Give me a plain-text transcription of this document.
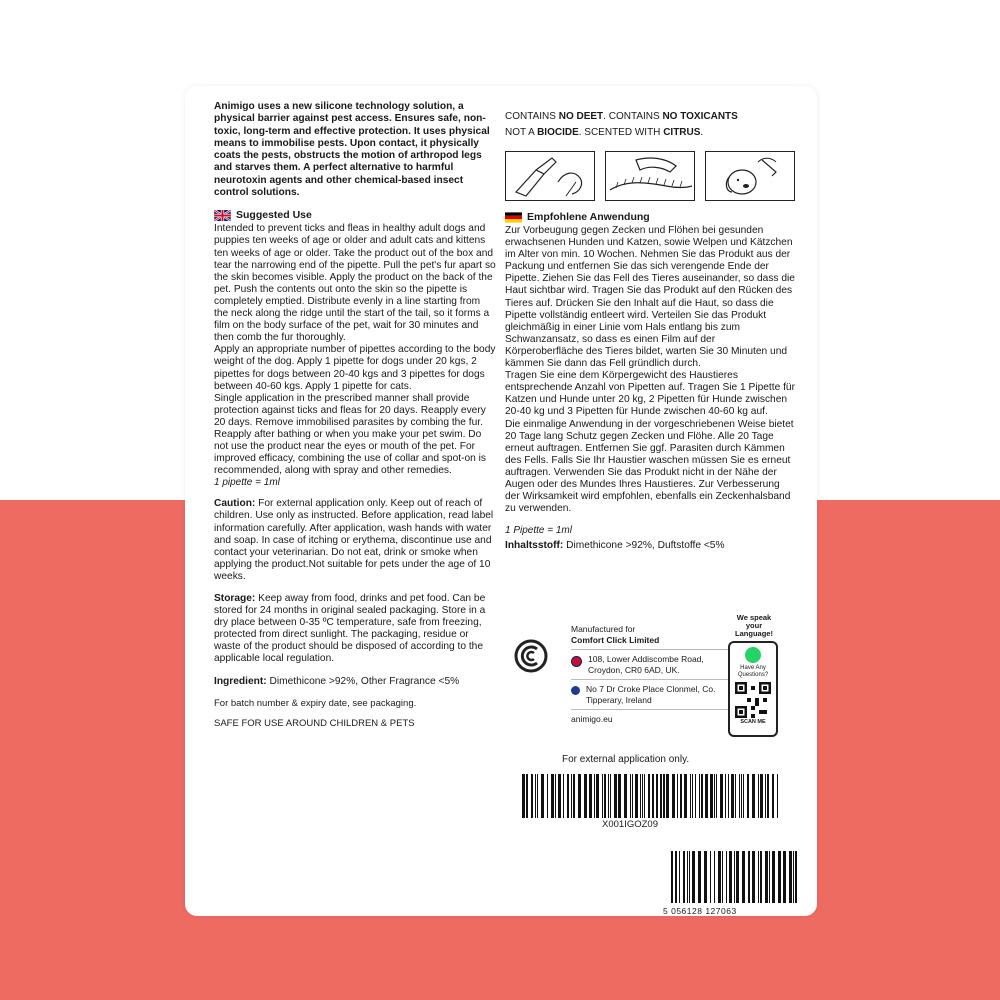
Animigo uses a new silicone technology solution, a physical barrier against pest access. Ensures safe, non-toxic, long-term and effective protection. It uses physical means to immobilise pests. Upon contact, it physically coats the pests, obstructs the motion of arthropod legs and starves them. A perfect alternative to harmful neurotoxin agents and other chemical-based insect control solutions.

Suggested Use

Intended to prevent ticks and fleas in healthy adult dogs and puppies ten weeks of age or older and adult cats and kittens ten weeks of age or older. Take the product out of the box and tear the narrowing end of the pipette. Pull the pet's fur apart so the skin becomes visible. Apply the product on the back of the pet. Push the contents out onto the skin so the pipette is completely emptied. Distribute evenly in a line starting from the neck along the ridge until the start of the tail, so it forms a film on the body surface of the pet, wait for 30 minutes and then comb the fur thoroughly.

Apply an appropriate number of pipettes according to the body weight of the dog. Apply 1 pipette for dogs under 20 kgs, 2 pipettes for dogs between 20-40 kgs and 3 pipettes for dogs between 40-60 kgs. Apply 1 pipette for cats.

Single application in the prescribed manner shall provide protection against ticks and fleas for 20 days. Reapply every 20 days. Remove immobilised parasites by combing the fur. Reapply after bathing or when you make your pet swim. Do not use the product near the eyes or mouth of the pet. For improved efficacy, combining the use of collar and spot-on is recommended, along with spray and other remedies.

1 pipette = 1ml

Caution: For external application only. Keep out of reach of children. Use only as instructed. Before application, read label information carefully. After application, wash hands with water and soap. In case of itching or erythema, discontinue use and contact your veterinarian. Do not eat, drink or smoke when applying the product.Not suitable for pets under the age of 10 weeks.

Storage: Keep away from food, drinks and pet food. Can be stored for 24 months in original sealed packaging. Store in a dry place between 0-35 ºC temperature, safe from freezing, protected from direct sunlight. The packaging, residue or waste of the product should be disposed of according to the applicable local regulation.

Ingredient: Dimethicone >92%, Other Fragrance <5%

For batch number & expiry date, see packaging.

SAFE FOR USE AROUND CHILDREN & PETS

CONTAINS NO DEET. CONTAINS NO TOXICANTS
NOT A BIOCIDE. SCENTED WITH CITRUS.
Empfohlene Anwendung

Zur Vorbeugung gegen Zecken und Flöhen bei gesunden erwachsenen Hunden und Katzen, sowie Welpen und Kätzchen im Alter von min. 10 Wochen. Nehmen Sie das Produkt aus der Packung und entfernen Sie das sich verengende Ende der Pipette. Ziehen Sie das Fell des Tieres auseinander, so dass die Haut sichtbar wird. Tragen Sie das Produkt auf den Rücken des Tieres auf. Drücken Sie den Inhalt auf die Haut, so dass die Pipette vollständig entleert wird. Verteilen Sie das Produkt gleichmäßig in einer Linie vom Hals entlang bis zum Schwanzansatz, so dass es einen Film auf der Körperoberfläche des Tieres bildet, warten Sie 30 Minuten und kämmen Sie dann das Fell gründlich durch.

Tragen Sie eine dem Körpergewicht des Haustieres entsprechende Anzahl von Pipetten auf. Tragen Sie 1 Pipette für Katzen und Hunde unter 20 kg, 2 Pipetten für Hunde zwischen 20-40 kg und 3 Pipetten für Hunde zwischen 40-60 kg auf.

Die einmalige Anwendung in der vorgeschriebenen Weise bietet 20 Tage lang Schutz gegen Zecken und Flöhe. Alle 20 Tage erneut auftragen. Entfernen Sie ggf. Parasiten durch Kämmen des Fells. Falls Sie Ihr Haustier waschen müssen Sie es erneut auftragen. Verwenden Sie das Produkt nicht in der Nähe der Augen oder des Mundes Ihres Haustieres. Zur Verbesserung der Wirksamkeit wird empfohlen, ebenfalls ein Zeckenhalsband zu verwenden.

1 Pipette = 1ml

Inhaltsstoff: Dimethicone >92%, Duftstoffe <5%

Manufactured for
Comfort Click Limited
108, Lower Addiscombe Road, Croydon, CR0 6AD, UK.
No 7 Dr Croke Place Clonmel, Co. Tipperary, Ireland
animigo.eu
We speak your Language!
Have Any Questions?
SCAN ME
For external application only.
X001IGOZ09
5 056128 127063
